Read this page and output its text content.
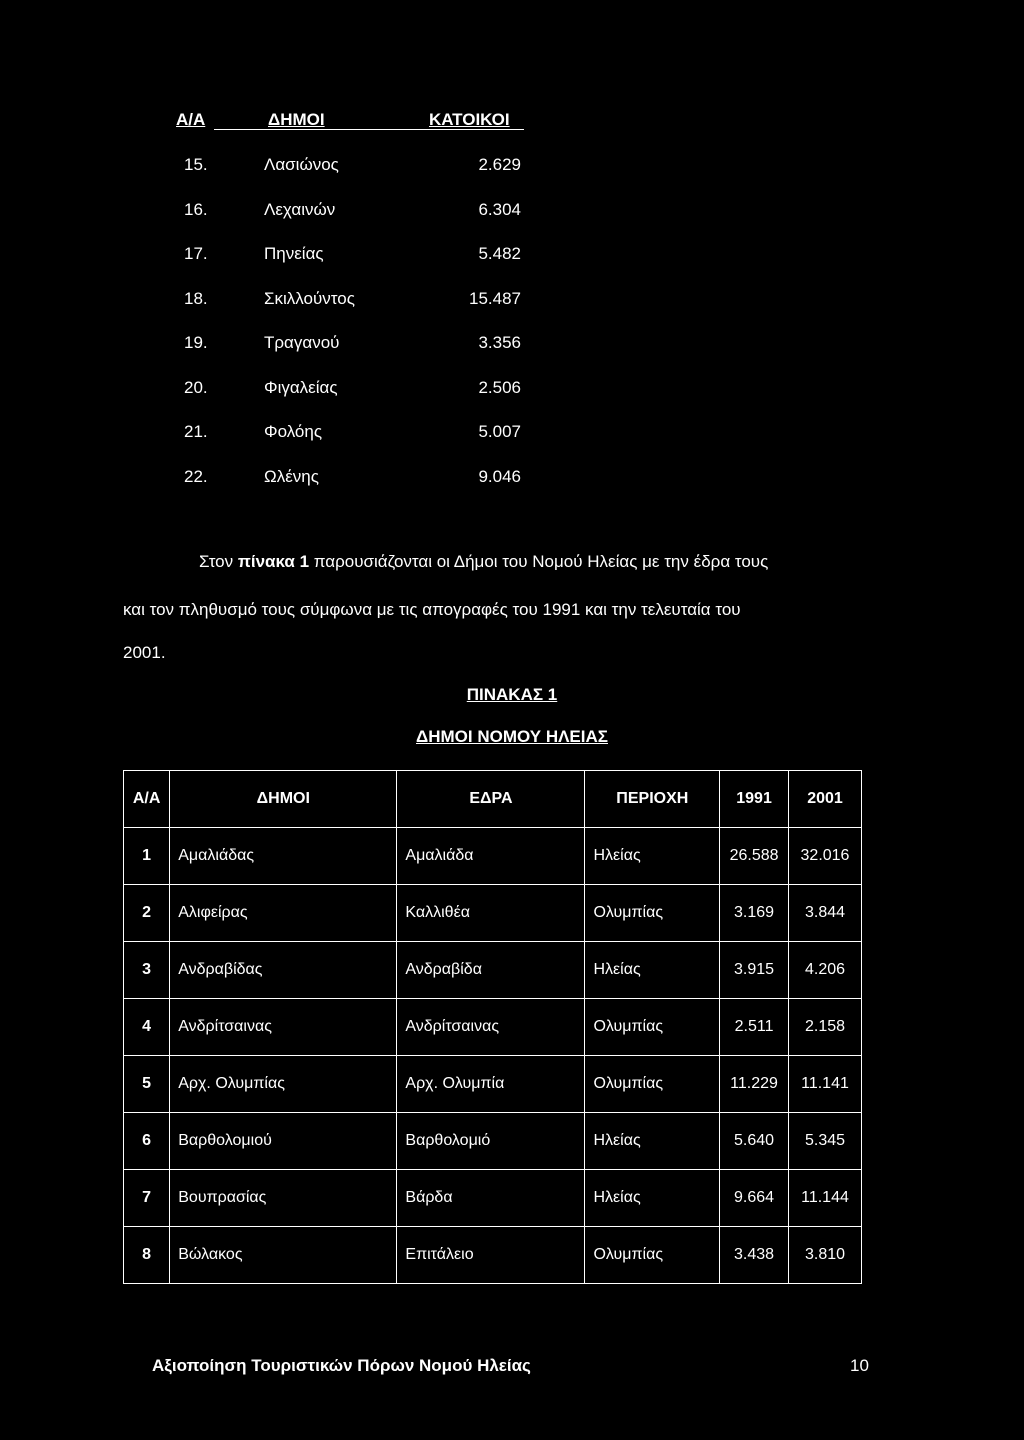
Α/Α	ΔΗΜΟΙ	ΚΑΤΟΙΚΟΙ
15.	Λασιώνος	2.629
16.	Λεχαινών	6.304
17.	Πηνείας	5.482
18.	Σκιλλούντος	15.487
19.	Τραγανού	3.356
20.	Φιγαλείας	2.506
21.	Φολόης	5.007
22.	Ωλένης	9.046
Στον πίνακα 1 παρουσιάζονται οι Δήμοι του Νομού Ηλείας με την έδρα τους
και τον πληθυσμό τους σύμφωνα με τις απογραφές του 1991 και την τελευταία του
2001.
ΠΙΝΑΚΑΣ 1
ΔΗΜΟΙ ΝΟΜΟΥ ΗΛΕΙΑΣ
Α/Α	ΔΗΜΟΙ	ΕΔΡΑ	ΠΕΡΙΟΧΗ	1991	2001
1	Αμαλιάδας	Αμαλιάδα	Ηλείας	26.588	32.016
2	Αλιφείρας	Καλλιθέα	Ολυμπίας	3.169	3.844
3	Ανδραβίδας	Ανδραβίδα	Ηλείας	3.915	4.206
4	Ανδρίτσαινας	Ανδρίτσαινας	Ολυμπίας	2.511	2.158
5	Αρχ. Ολυμπίας	Αρχ. Ολυμπία	Ολυμπίας	11.229	11.141
6	Βαρθολομιού	Βαρθολομιό	Ηλείας	5.640	5.345
7	Βουπρασίας	Βάρδα	Ηλείας	9.664	11.144
8	Βώλακος	Επιτάλειο	Ολυμπίας	3.438	3.810
Αξιοποίηση Τουριστικών Πόρων Νομού Ηλείας	10
